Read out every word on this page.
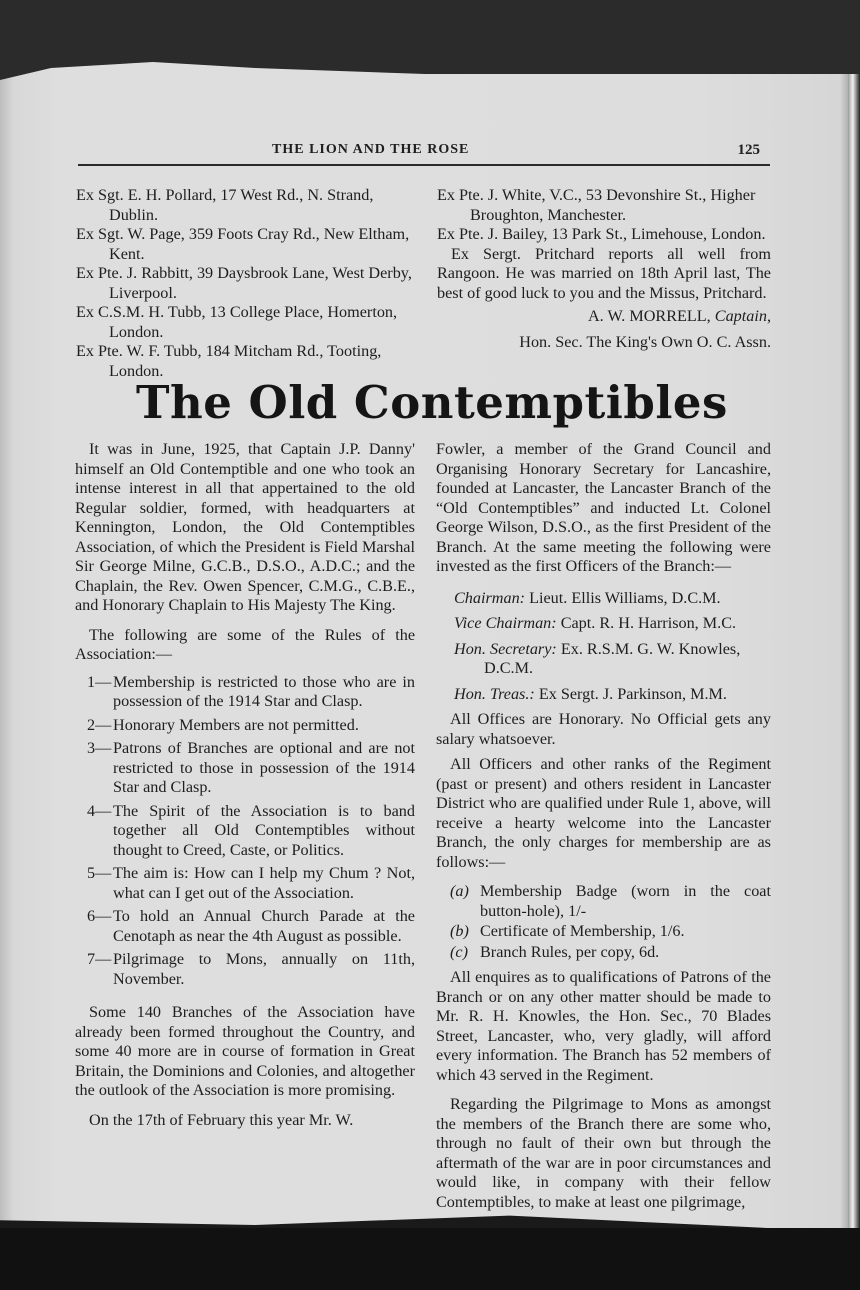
THE LION AND THE ROSE	125

Ex Sgt. E. H. Pollard, 17 West Rd., N. Strand, Dublin.

Ex Sgt. W. Page, 359 Foots Cray Rd., New Eltham, Kent.

Ex Pte. J. Rabbitt, 39 Daysbrook Lane, West Derby, Liverpool.

Ex C.S.M. H. Tubb, 13 College Place, Homerton, London.

Ex Pte. W. F. Tubb, 184 Mitcham Rd., Tooting, London.

Ex Pte. J. White, V.C., 53 Devonshire St., Higher Broughton, Manchester.

Ex Pte. J. Bailey, 13 Park St., Limehouse, London.

Ex Sergt. Pritchard reports all well from Rangoon. He was married on 18th April last, The best of good luck to you and the Missus, Pritchard.

A. W. MORRELL, Captain,

Hon. Sec. The King's Own O. C. Assn.

The Old Contemptibles

It was in June, 1925, that Captain J.P. Danny' himself an Old Contemptible and one who took an intense interest in all that appertained to the old Regular soldier, formed, with headquarters at Kennington, London, the Old Contemptibles Association, of which the President is Field Marshal Sir George Milne, G.C.B., D.S.O., A.D.C.; and the Chaplain, the Rev. Owen Spencer, C.M.G., C.B.E., and Honorary Chaplain to His Majesty The King.

The following are some of the Rules of the Association:—

1— Membership is restricted to those who are in possession of the 1914 Star and Clasp.
2— Honorary Members are not permitted.
3— Patrons of Branches are optional and are not restricted to those in possession of the 1914 Star and Clasp.
4— The Spirit of the Association is to band together all Old Contemptibles without thought to Creed, Caste, or Politics.
5— The aim is: How can I help my Chum ? Not, what can I get out of the Association.
6— To hold an Annual Church Parade at the Cenotaph as near the 4th August as possible.
7— Pilgrimage to Mons, annually on 11th, November.

Some 140 Branches of the Association have already been formed throughout the Country, and some 40 more are in course of formation in Great Britain, the Dominions and Colonies, and altogether the outlook of the Association is more promising.

On the 17th of February this year Mr. W.

Fowler, a member of the Grand Council and Organising Honorary Secretary for Lancashire, founded at Lancaster, the Lancaster Branch of the “Old Contemptibles” and inducted Lt. Colonel George Wilson, D.S.O., as the first President of the Branch. At the same meeting the following were invested as the first Officers of the Branch:—

Chairman: Lieut. Ellis Williams, D.C.M.

Vice Chairman: Capt. R. H. Harrison, M.C.

Hon. Secretary: Ex. R.S.M. G. W. Knowles, D.C.M.

Hon. Treas.: Ex Sergt. J. Parkinson, M.M.

All Offices are Honorary. No Official gets any salary whatsoever.

All Officers and other ranks of the Regiment (past or present) and others resident in Lancaster District who are qualified under Rule 1, above, will receive a hearty welcome into the Lancaster Branch, the only charges for membership are as follows:—

(a) Membership Badge (worn in the coat button-hole), 1/-
(b) Certificate of Membership, 1/6.
(c) Branch Rules, per copy, 6d.

All enquires as to qualifications of Patrons of the Branch or on any other matter should be made to Mr. R. H. Knowles, the Hon. Sec., 70 Blades Street, Lancaster, who, very gladly, will afford every information. The Branch has 52 members of which 43 served in the Regiment.

Regarding the Pilgrimage to Mons as amongst the members of the Branch there are some who, through no fault of their own but through the aftermath of the war are in poor circumstances and would like, in company with their fellow Contemptibles, to make at least one pilgrimage,
